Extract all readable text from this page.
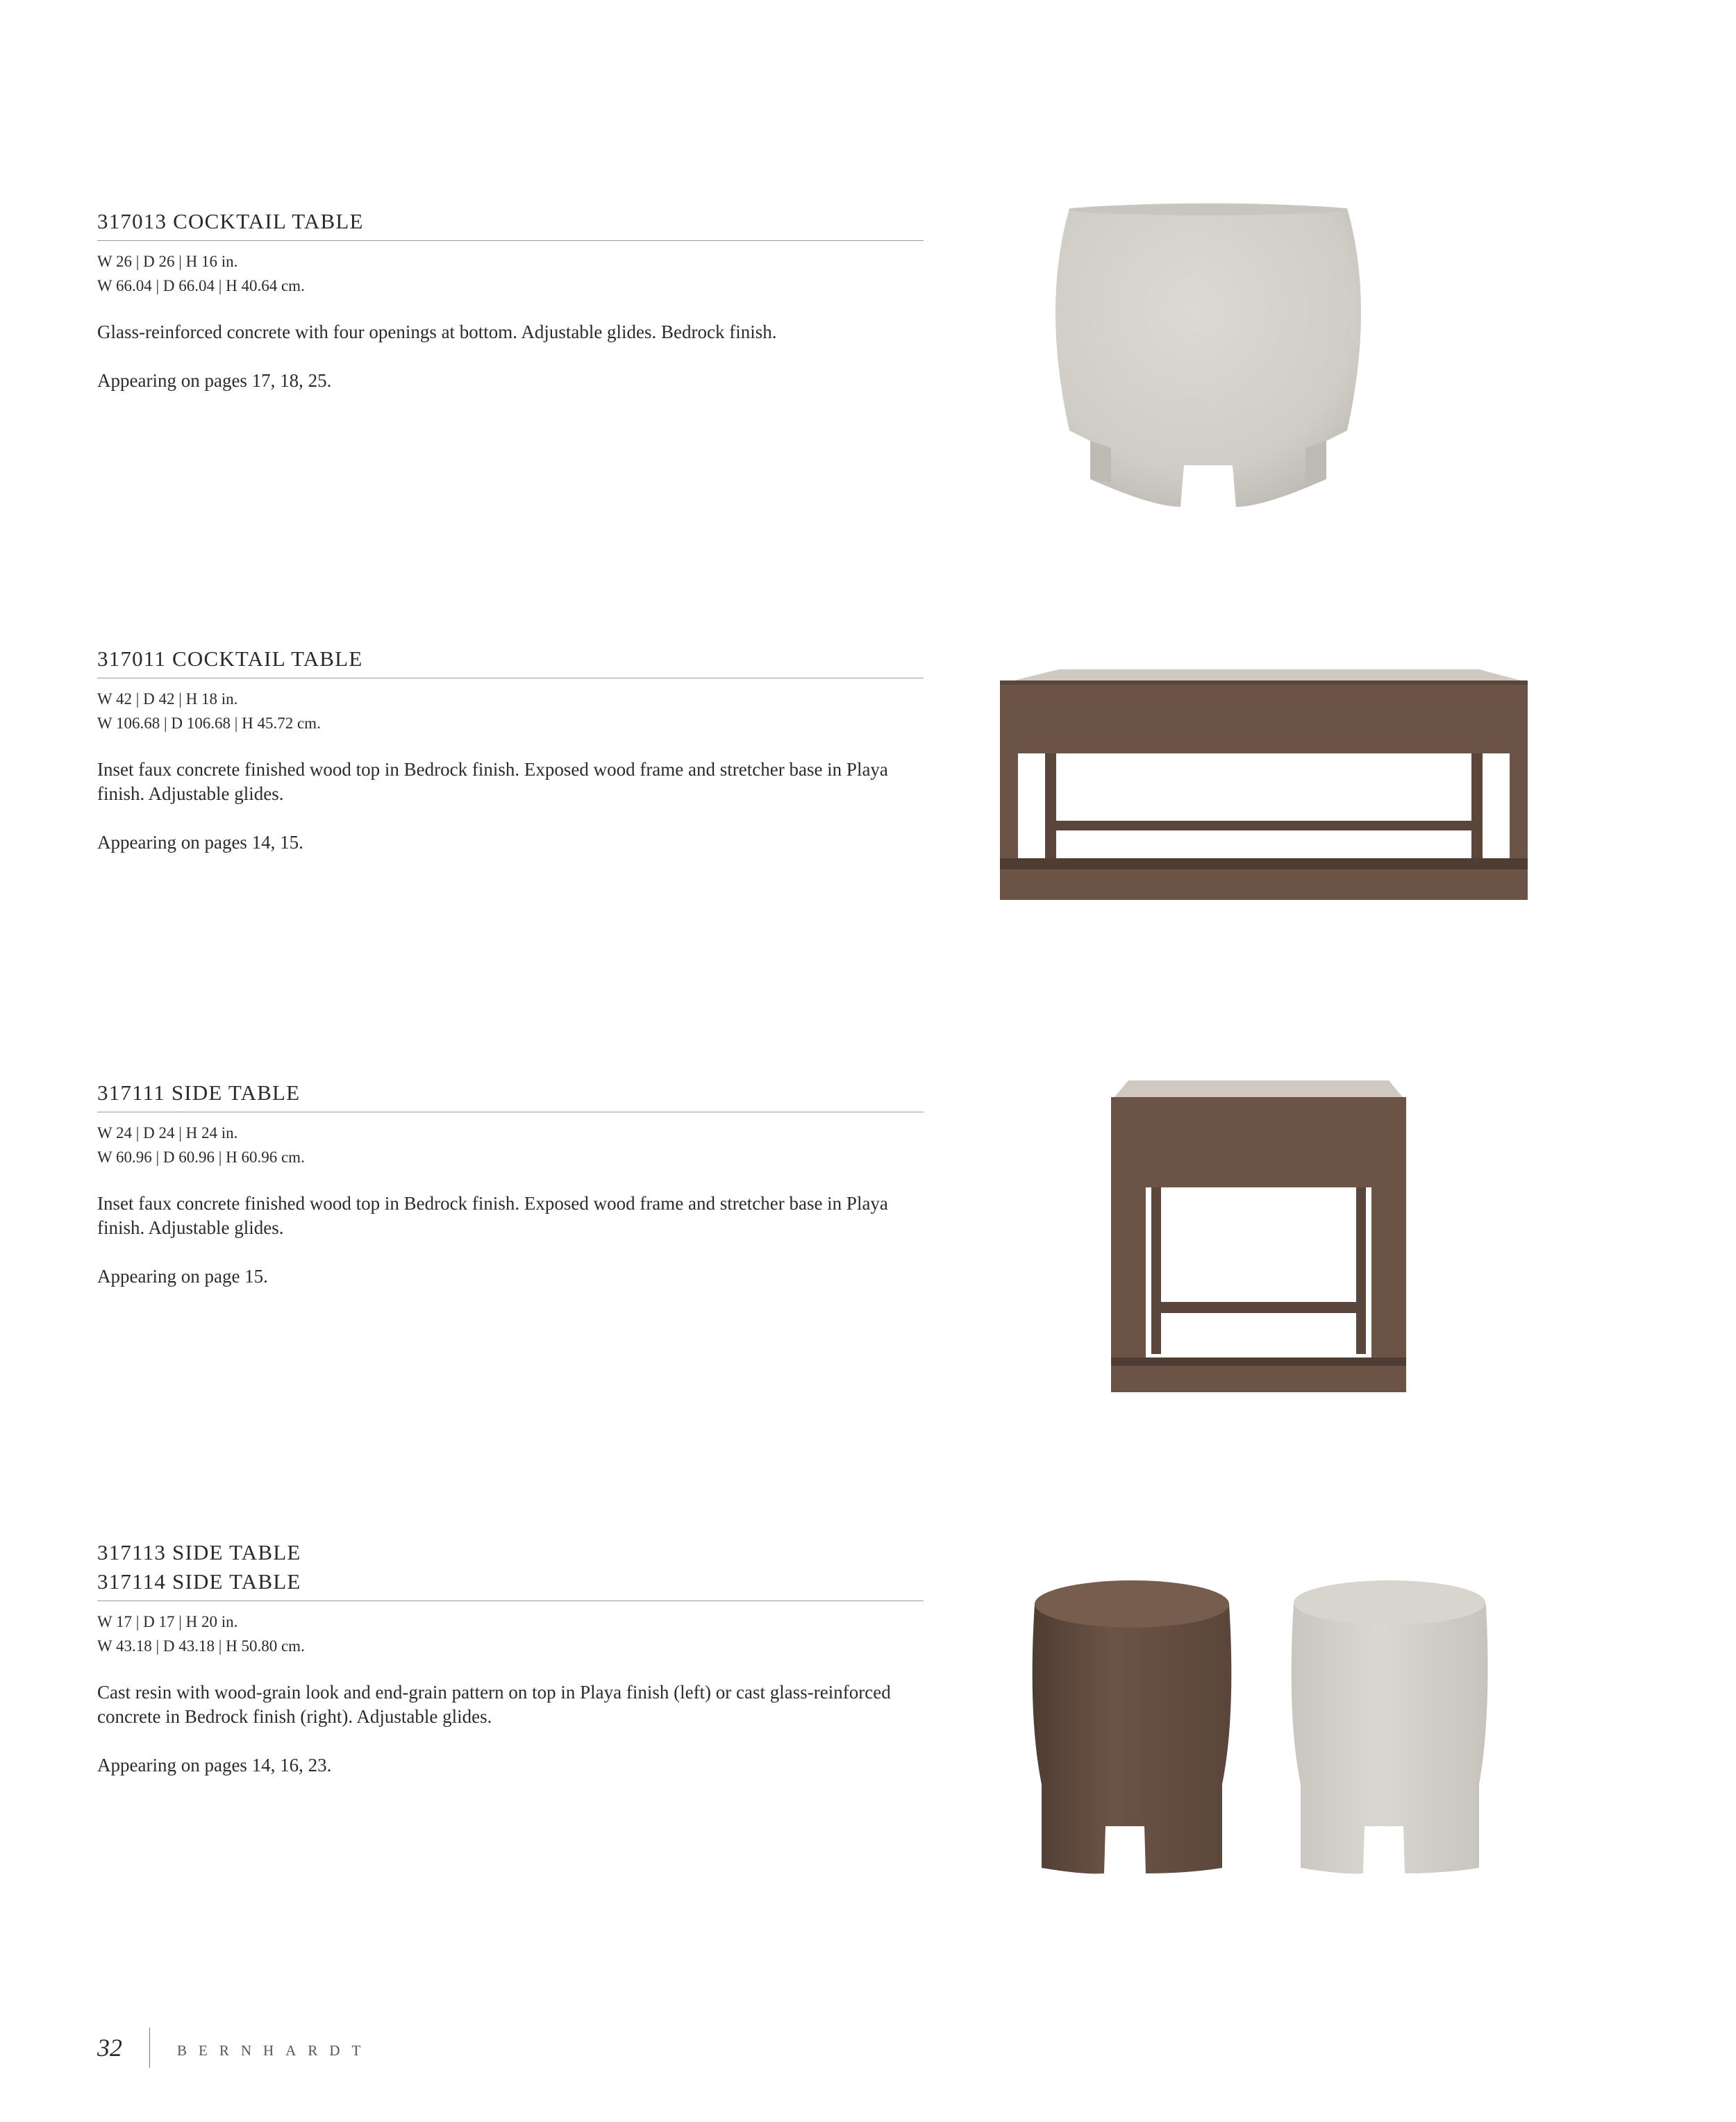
317013 COCKTAIL TABLE
W 26 | D 26 | H 16 in.
W 66.04 | D 66.04 | H 40.64 cm.
Glass-reinforced concrete with four openings at bottom. Adjustable glides. Bedrock finish.
Appearing on pages 17, 18, 25.
317011 COCKTAIL TABLE
W 42 | D 42 | H 18 in.
W 106.68 | D 106.68 | H 45.72 cm.
Inset faux concrete finished wood top in Bedrock finish. Exposed wood frame and stretcher base in Playa finish. Adjustable glides.
Appearing on pages 14, 15.
317111 SIDE TABLE
W 24 | D 24 | H 24 in.
W 60.96 | D 60.96 | H 60.96 cm.
Inset faux concrete finished wood top in Bedrock finish. Exposed wood frame and stretcher base in Playa finish. Adjustable glides.
Appearing on page 15.
317113 SIDE TABLE
317114 SIDE TABLE
W 17 | D 17 | H 20 in.
W 43.18 | D 43.18 | H 50.80 cm.
Cast resin with wood-grain look and end-grain pattern on top in Playa finish (left) or cast glass-reinforced concrete in Bedrock finish (right). Adjustable glides.
Appearing on pages 14, 16, 23.
32	BERNHARDT
